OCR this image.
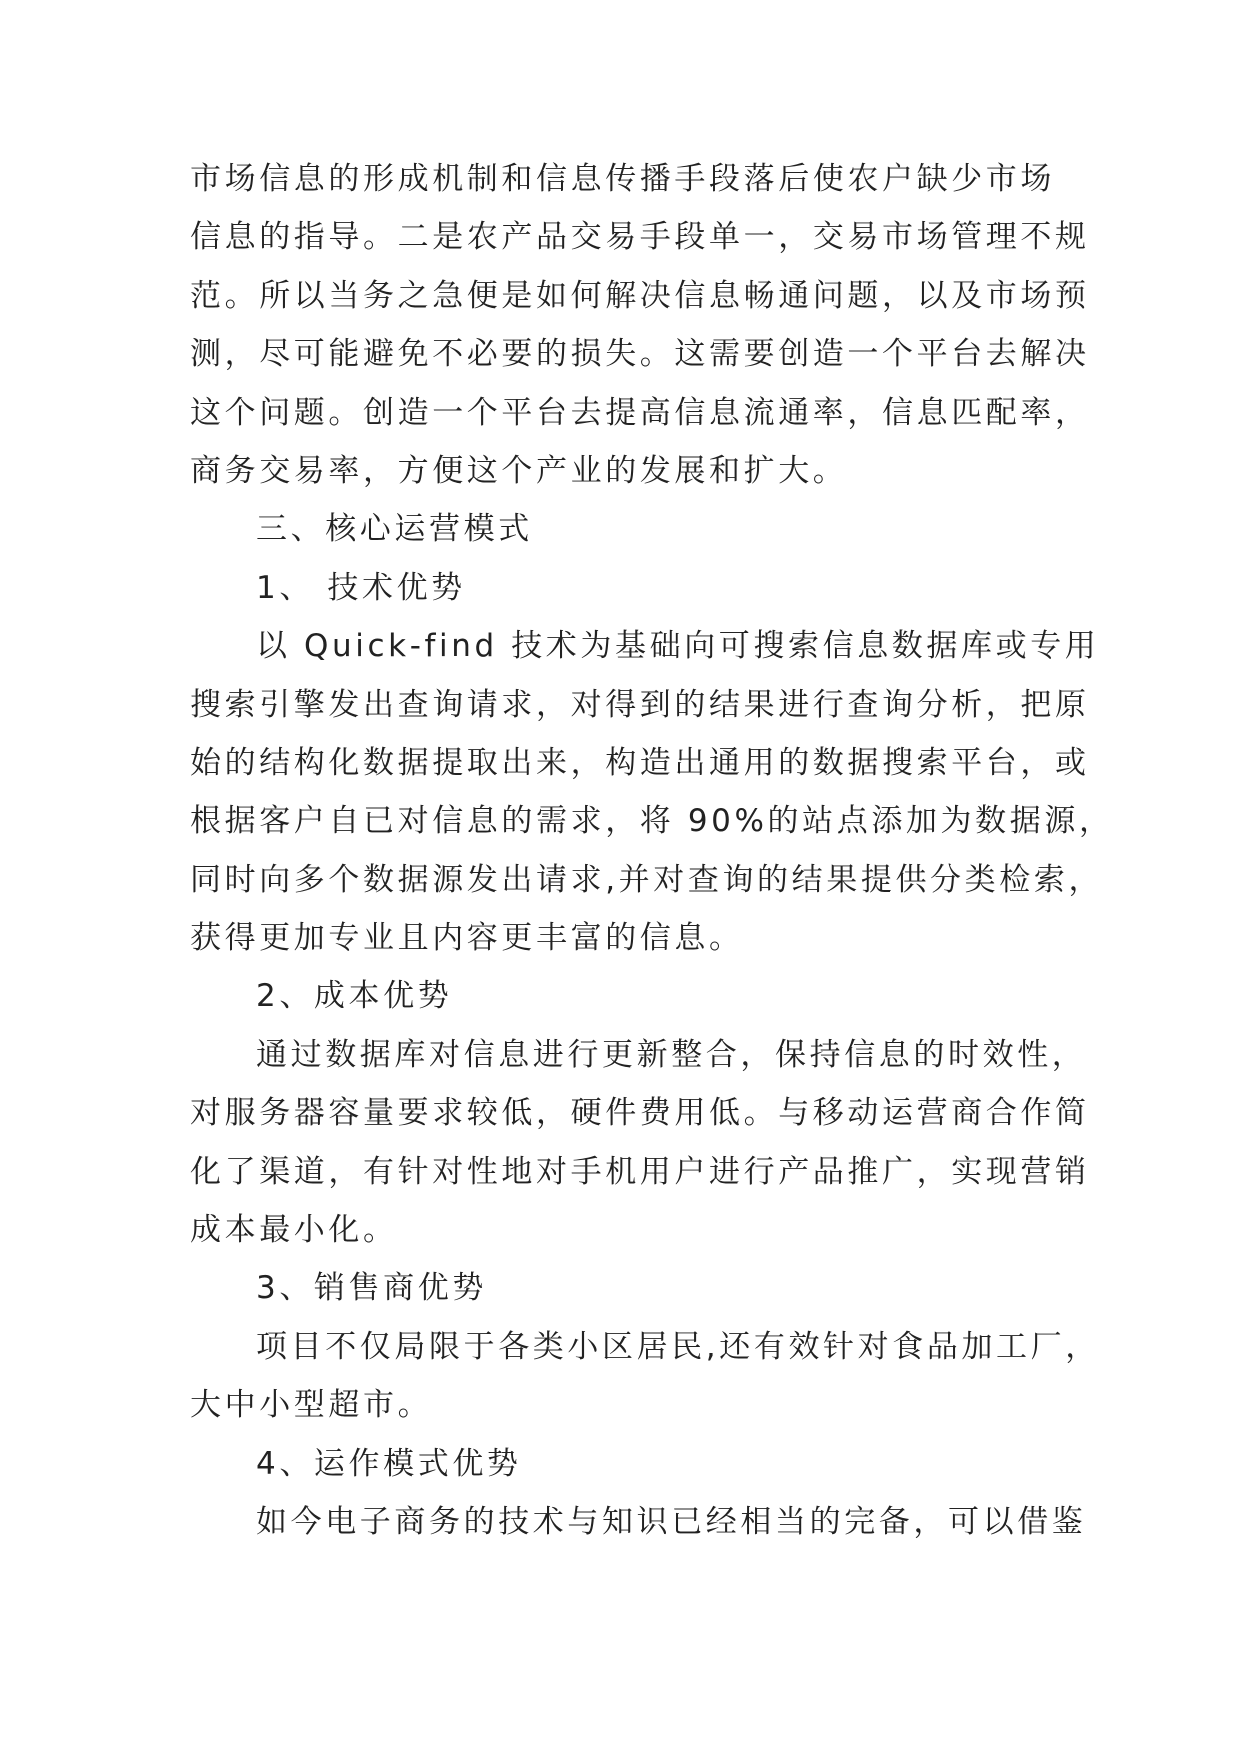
市场信息的形成机制和信息传播手段落后使农户缺少市场
信息的指导。二是农产品交易手段单一，交易市场管理不规
范。所以当务之急便是如何解决信息畅通问题，以及市场预
测，尽可能避免不必要的损失。这需要创造一个平台去解决
这个问题。创造一个平台去提高信息流通率，信息匹配率，
商务交易率，方便这个产业的发展和扩大。
三、核心运营模式
1、 技术优势
以 Quick-find 技术为基础向可搜索信息数据库或专用
搜索引擎发出查询请求，对得到的结果进行查询分析，把原
始的结构化数据提取出来，构造出通用的数据搜索平台，或
根据客户自已对信息的需求，将 90%的站点添加为数据源，
同时向多个数据源发出请求,并对查询的结果提供分类检索，
获得更加专业且内容更丰富的信息。
2、成本优势
通过数据库对信息进行更新整合，保持信息的时效性，
对服务器容量要求较低，硬件费用低。与移动运营商合作简
化了渠道，有针对性地对手机用户进行产品推广，实现营销
成本最小化。
3、销售商优势
项目不仅局限于各类小区居民,还有效针对食品加工厂，
大中小型超市。
4、运作模式优势
如今电子商务的技术与知识已经相当的完备，可以借鉴
